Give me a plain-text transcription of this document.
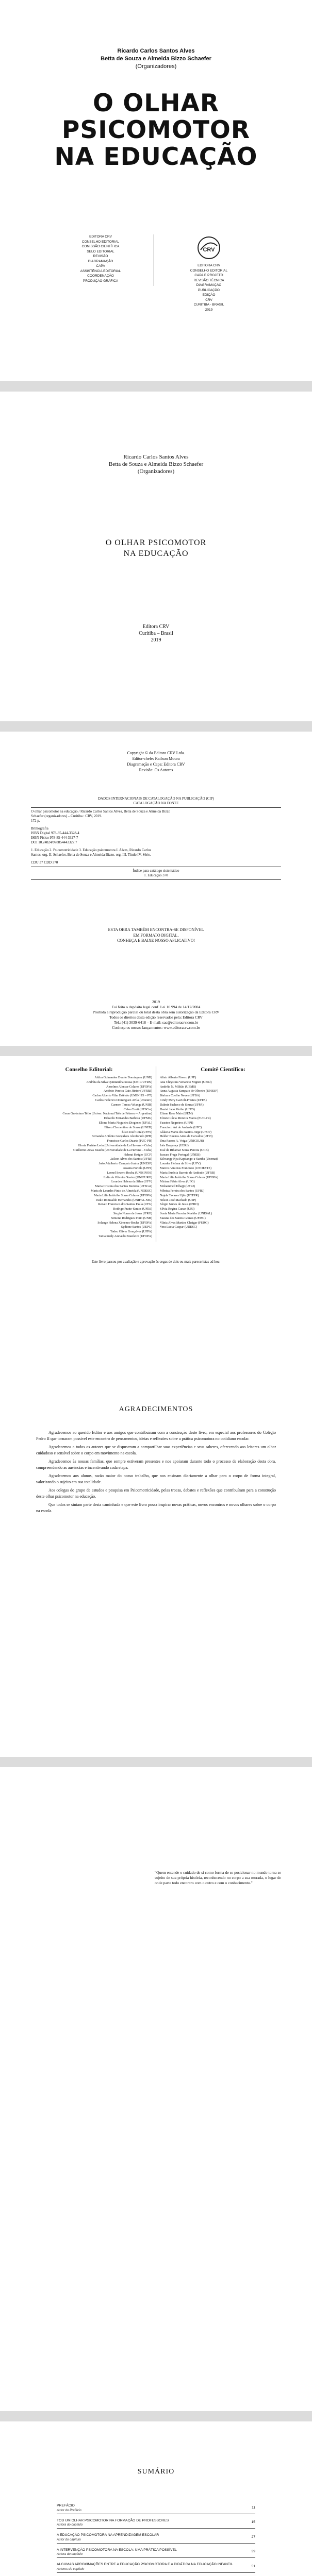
Ricardo Carlos Santos Alves
Betta de Souza e Almeida Bizzo Schaefer
(Organizadores)
O OLHAR
PSICOMOTOR
NA EDUCAÇÃO
EDITORA CRV
CONSELHO EDITORIAL
COMISSÃO CIENTÍFICA
SELO EDITORIAL
REVISÃO
DIAGRAMAÇÃO
CAPA
ASSISTÊNCIA EDITORIAL
COORDENAÇÃO
PRODUÇÃO GRÁFICA
CRV
EDITORA CRV
CONSELHO EDITORIAL
CAPA E PROJETO
REVISÃO TÉCNICA
DIAGRAMAÇÃO
PUBLICAÇÃO
EDIÇÃO
CRV
CURITIBA - BRASIL
2019
Ricardo Carlos Santos Alves
Betta de Souza e Almeida Bizzo Schaefer
(Organizadores)
O OLHAR PSICOMOTOR
NA EDUCAÇÃO
Editora CRV
Curitiba – Brasil
2019
Copyright © da Editora CRV Ltda.
Editor-chefe: Railson Moura
Diagramação e Capa: Editora CRV
Revisão: Os Autores
DADOS INTERNACIONAIS DE CATALOGAÇÃO NA PUBLICAÇÃO (CIP)
CATALOGAÇÃO NA FONTE
O olhar psicomotor na educação / Ricardo Carlos Santos Alves, Betta de Souza e Almeida Bizzo
Schaefer (organizadores) – Curitiba : CRV, 2019.
172 p.
Bibliografia
ISBN Digital 978-85-444-3328-4
ISBN Físico 978-85-444-3327-7
DOI 10.24824/978854443327.7
1. Educação 2. Psicomotricidade 3. Educação psicomotora I. Alves, Ricardo Carlos
Santos. org. II. Schaefer, Betta de Souza e Almeida Bizzo. org. III. Título IV. Série.
CDU 37 CDD 370
Índice para catálogo sistemático
1. Educação 370
ESTA OBRA TAMBÉM ENCONTRA-SE DISPONÍVEL
EM FORMATO DIGITAL.
CONHEÇA E BAIXE NOSSO APLICATIVO!
2019
Foi feito o depósito legal conf. Lei 10.994 de 14/12/2004
Proibida a reprodução parcial ou total desta obra sem autorização da Editora CRV
Todos os direitos desta edição reservados pela: Editora CRV
Tel.: (41) 3039-6418 – E-mail: sac@editoracrv.com.br
Conheça os nossos lançamentos: www.editoracrv.com.br
Conselho Editorial:
Aldira Guimarães Duarte Domínguez (UNB)
Andréia da Silva Quintanilha Sousa (UNIR/UFRN)
Anselmo Alencar Colares (UFOPA)
Antônio Pereira Gaio Júnior (UFRRJ)
Carlos Alberto Vilar Estêvão (UMINHO – PT)
Carlos Federico Dominguez Avila (Unieuro)
Carmen Tereza Velanga (UNIR)
Celso Conti (UFSCar)
Cesar Gerónimo Tello (Univer. Nacional Três de Febrero – Argentina)
Eduardo Fernandes Barbosa (UFMG)
Elione Maria Nogueira Diogenes (UFAL)
Elizeu Clementino de Souza (UNEB)
Élsio José Corá (UFFS)
Fernando Antônio Gonçalves Alcoforado (IPB)
Francisco Carlos Duarte (PUC-PR)
Gloria Fariñas León (Universidade de La Havana – Cuba)
Guillermo Arias Beatón (Universidade de La Havana – Cuba)
Helmut Krüger (UCP)
Jailson Alves dos Santos (UFRJ)
João Adalberto Campato Junior (UNESP)
Josania Portela (UFPI)
Leonel Severo Rocha (UNISINOS)
Lídia de Oliveira Xavier (UNIEURO)
Lourdes Helena da Silva (UFV)
Maria Cristina dos Santos Bezerra (UFSCar)
Maria de Lourdes Pinto de Almeida (UNOESC)
Maria Lília Imbiriba Sousa Colares (UFOPA)
Paulo Romualdo Hernandes (UNIFAL-MG)
Renato Francisco dos Santos Paula (UFG)
Rodrigo Pratte-Santos (UFES)
Sérgio Nunes de Jesus (IFRO)
Simone Rodrigues Pinto (UNB)
Solange Helena Ximenes-Rocha (UFOPA)
Sydione Santos (UEPG)
Tadeu Oliver Gonçalves (UFPA)
Tania Suely Azevedo Brasileiro (UFOPA)
Comitê Científico:
Altair Alberto Fávero (UPF)
Ana Chrystina Venancio Mignot (UERJ)
Andréia N. Militão (UEMS)
Anna Augusta Sampaio de Oliveira (UNESP)
Bárbara Coelho Neves (UFBA)
Cindy Mery Gavioli-Prestes (UFPA)
Dalmir Pacheco de Souza (UFPA)
Daniel Jacó Pfeifer (UFFS)
Eliane Rose Maio (UEM)
Elizete Lúcia Moreira Matos (PUC-PR)
Fauston Negreiros (UFPI)
Francisco Ari de Andrade (UFC)
Gláucia Maria dos Santos Jorge (UFOP)
Helder Buenos Aires de Carvalho (UFPI)
Ilma Passos A. Veiga (UNICEUB)
Inês Bragança (UERJ)
José de Ribamar Sousa Pereira (UCB)
Jussara Fraga Portugal (UNEB)
Kilwangy Kya Kapitango-a-Samba (Unemat)
Lourdes Helena da Silva (UFV)
Marcos Vinicius Francisco (UNOESTE)
Maria Eurácia Barreto de Andrade (UFRB)
Maria Lília Imbiriba Sousa Colares (UFOPA)
Míriam Fábia Alves (UFG)
Mohammed Elhajji (UFRJ)
Mônica Pereira dos Santos (UFRJ)
Najela Tavares Ujiie (UTFPR)
Nilson José Machado (USP)
Sérgio Nunes de Jesus (IFRO)
Silvia Regina Canan (URI)
Sonia Maria Ferreira Koehler (UNISAL)
Suzana dos Santos Gomes (UFMG)
Vânia Alves Martins Chaigar (FURG)
Vera Lucia Gaspar (UDESC)
Este livro passou por avaliação e aprovação às cegas de dois ou mais pareceristas ad hoc.
AGRADECIMENTOS

Agradecemos ao querido Editor e aos amigos que contribuíram com a construção deste livro, em especial aos professores do Colégio Pedro II que tornaram possível este encontro de pensamentos, ideias e reflexões sobre a prática psicomotora no cotidiano escolar.

Agradecemos a todos os autores que se dispuseram a compartilhar suas experiências e seus saberes, oferecendo aos leitores um olhar cuidadoso e sensível sobre o corpo em movimento na escola.

Agradecemos às nossas famílias, que sempre estiveram presentes e nos apoiaram durante todo o processo de elaboração desta obra, compreendendo as ausências e incentivando cada etapa.

Agradecemos aos alunos, razão maior do nosso trabalho, que nos ensinam diariamente a olhar para o corpo de forma integral, valorizando o sujeito em sua totalidade.

Aos colegas do grupo de estudos e pesquisa em Psicomotricidade, pelas trocas, debates e reflexões que contribuíram para a construção deste olhar psicomotor na educação.

Que todos se sintam parte desta caminhada e que este livro possa inspirar novas práticas, novos encontros e novos olhares sobre o corpo na escola.

"Quem entende o cuidado de si como forma de se posicionar no mundo torna-se sujeito de sua própria história, reconhecendo no corpo a sua morada, o lugar de onde parte todo encontro com o outro e com o conhecimento."
SUMÁRIO
PREFÁCIO
Autor do Prefácio
11
TOD UM OLHAR PSICOMOTOR NA FORMAÇÃO DE PROFESSORES
Autora do capítulo
15
A EDUCAÇÃO PSICOMOTORA NA APRENDIZAGEM ESCOLAR
Autor do capítulo
27
A INTERVENÇÃO PSICOMOTORA NA ESCOLA: UMA PRÁTICA POSSÍVEL
Autora do capítulo
39
ALGUMAS APROXIMAÇÕES ENTRE A EDUCAÇÃO PSICOMOTORA E A DIDÁTICA NA EDUCAÇÃO INFANTIL
Autores do capítulo
51
